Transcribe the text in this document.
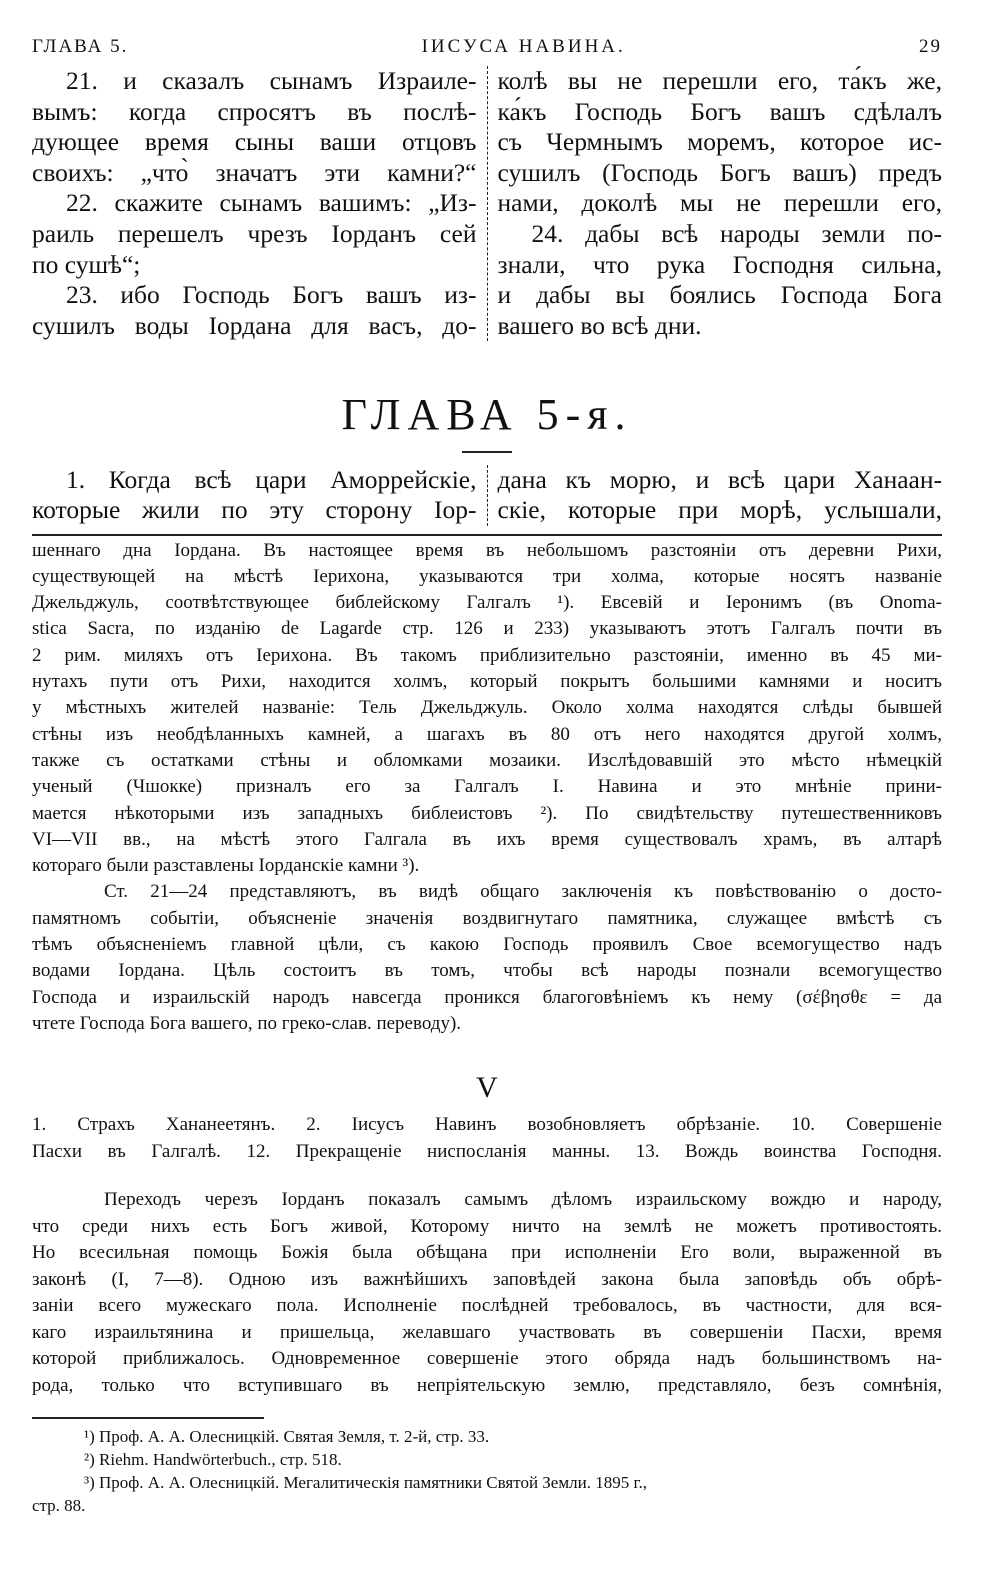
ГЛАВА 5.	ІИСУСА НАВИНА.	29
21. и сказалъ сынамъ Израиле-
вымъ: когда спросятъ въ послѣ-
дующее время сыны ваши отцовъ
своихъ: „что̀ значатъ эти камни?“
22. скажите сынамъ вашимъ: „Из-
раиль перешелъ чрезъ Іорданъ сей
по сушѣ“;
23. ибо Господь Богъ вашъ из-
сушилъ воды Іордана для васъ, до-
колѣ вы не перешли его, та́къ же,
ка́къ Господь Богъ вашъ сдѣлалъ
съ Чермнымъ моремъ, которое ис-
сушилъ (Господь Богъ вашъ) предъ
нами, доколѣ мы не перешли его,
24. дабы всѣ народы земли по-
знали, что рука Господня сильна,
и дабы вы боялись Господа Бога
вашего во всѣ дни.
ГЛАВА 5-я.
1. Когда всѣ цари Аморрейскіе,
которые жили по эту сторону Іор-
дана къ морю, и всѣ цари Ханаан-
скіе, которые при морѣ, услышали,
шеннаго дна Іордана. Въ настоящее время въ небольшомъ разстояніи отъ деревни Рихи,
существующей на мѣстѣ Іерихона, указываются три холма, которые носятъ названіе
Джельджуль, соотвѣтствующее библейскому Галгалъ ¹). Евсевій и Іеронимъ (въ Onoma-
stica Sacra, по изданію de Lagarde стр. 126 и 233) указываютъ этотъ Галгалъ почти въ
2 рим. миляхъ отъ Іерихона. Въ такомъ приблизительно разстояніи, именно въ 45 ми-
нутахъ пути отъ Рихи, находится холмъ, который покрытъ большими камнями и носитъ
у мѣстныхъ жителей названіе: Тель Джельджуль. Около холма находятся слѣды бывшей
стѣны изъ необдѣланныхъ камней, а шагахъ въ 80 отъ него находятся другой холмъ,
также съ остатками стѣны и обломками мозаики. Изслѣдовавшій это мѣсто нѣмецкій
ученый (Чшокке) призналъ его за Галгалъ І. Навина и это мнѣніе прини-
мается нѣкоторыми изъ западныхъ библеистовъ ²). По свидѣтельству путешественниковъ
VI—VII вв., на мѣстѣ этого Галгала въ ихъ время существовалъ храмъ, въ алтарѣ
котораго были разставлены Іорданскіе камни ³).
Ст. 21—24 представляютъ, въ видѣ общаго заключенія къ повѣствованію о досто-
памятномъ событіи, объясненіе значенія воздвигнутаго памятника, служащее вмѣстѣ съ
тѣмъ объясненіемъ главной цѣли, съ какою Господь проявилъ Свое всемогущество надъ
водами Іордана. Цѣль состоитъ въ томъ, чтобы всѣ народы познали всемогущество
Господа и израильскій народъ навсегда проникся благоговѣніемъ къ нему (σέβησθε = да
чтете Господа Бога вашего, по греко-слав. переводу).
V
1. Страхъ Хананеетянъ. 2. Іисусъ Навинъ возобновляетъ обрѣзаніе. 10. Совершеніе
Пасхи въ Галгалѣ. 12. Прекращеніе ниспосланія манны. 13. Вождь воинства Господня.
Переходъ черезъ Іорданъ показалъ самымъ дѣломъ израильскому вождю и народу,
что среди нихъ есть Богъ живой, Которому ничто на землѣ не можетъ противостоять.
Но всесильная помощь Божія была обѣщана при исполненіи Его воли, выраженной въ
законѣ (І, 7—8). Одною изъ важнѣйшихъ заповѣдей закона была заповѣдь объ обрѣ-
заніи всего мужескаго пола. Исполненіе послѣдней требовалось, въ частности, для вся-
каго израильтянина и пришельца, желавшаго участвовать въ совершеніи Пасхи, время
которой приближалось. Одновременное совершеніе этого обряда надъ большинствомъ на-
рода, только что вступившаго въ непріятельскую землю, представляло, безъ сомнѣнія,
¹) Проф. А. А. Олесницкій. Святая Земля, т. 2-й, стр. 33.
²) Riehm. Handwörterbuch., стр. 518.
³) Проф. А. А. Олесницкій. Мегалитическія памятники Святой Земли. 1895 г.,
стр. 88.
